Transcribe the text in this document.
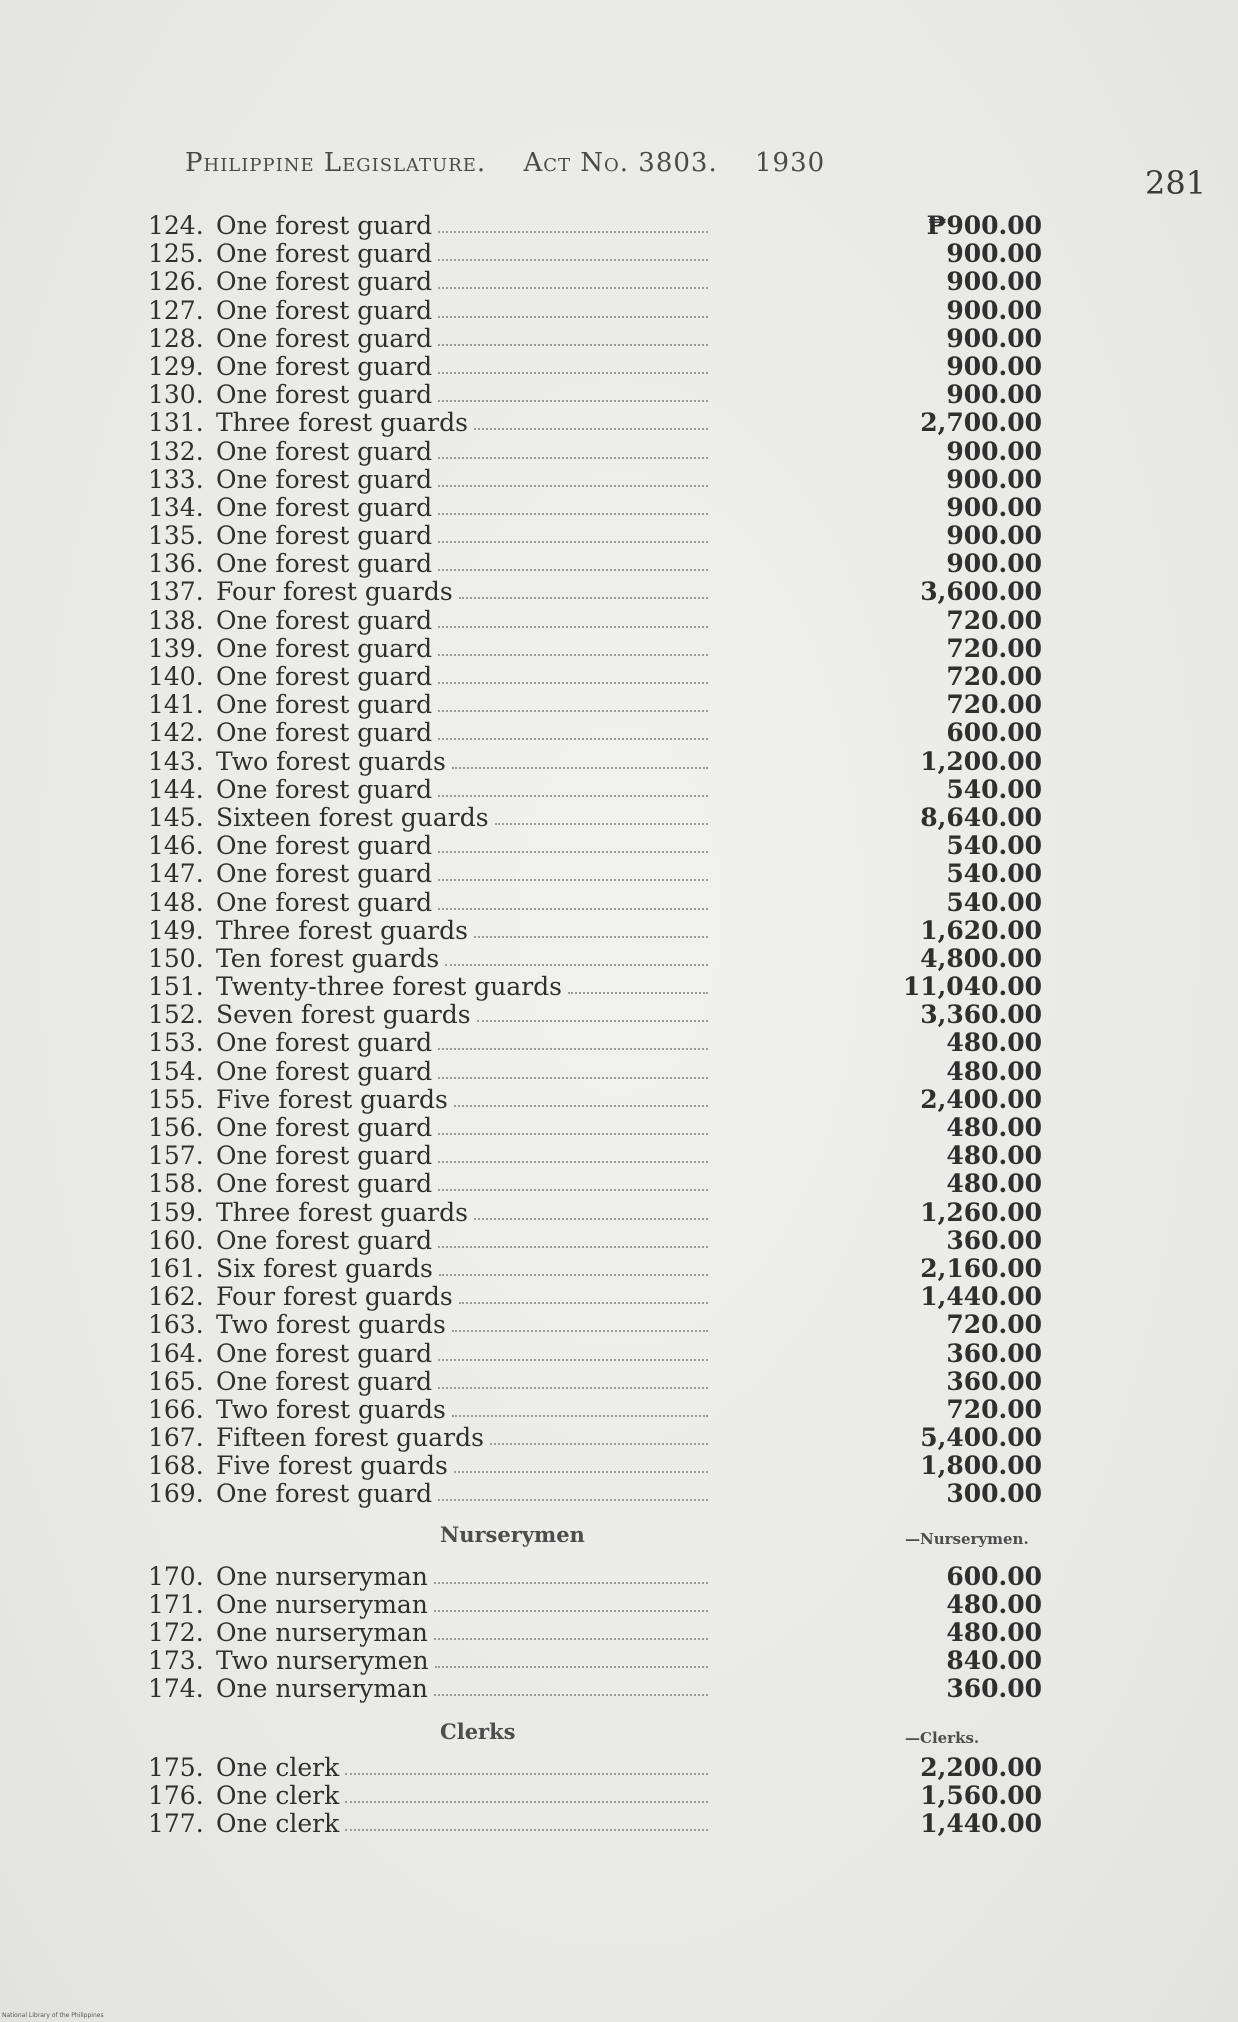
Philippine Legislature. Act No. 3803. 1930
281
124. One forest guard	₱900.00
125. One forest guard	900.00
126. One forest guard	900.00
127. One forest guard	900.00
128. One forest guard	900.00
129. One forest guard	900.00
130. One forest guard	900.00
131. Three forest guards	2,700.00
132. One forest guard	900.00
133. One forest guard	900.00
134. One forest guard	900.00
135. One forest guard	900.00
136. One forest guard	900.00
137. Four forest guards	3,600.00
138. One forest guard	720.00
139. One forest guard	720.00
140. One forest guard	720.00
141. One forest guard	720.00
142. One forest guard	600.00
143. Two forest guards	1,200.00
144. One forest guard	540.00
145. Sixteen forest guards	8,640.00
146. One forest guard	540.00
147. One forest guard	540.00
148. One forest guard	540.00
149. Three forest guards	1,620.00
150. Ten forest guards	4,800.00
151. Twenty-three forest guards	11,040.00
152. Seven forest guards	3,360.00
153. One forest guard	480.00
154. One forest guard	480.00
155. Five forest guards	2,400.00
156. One forest guard	480.00
157. One forest guard	480.00
158. One forest guard	480.00
159. Three forest guards	1,260.00
160. One forest guard	360.00
161. Six forest guards	2,160.00
162. Four forest guards	1,440.00
163. Two forest guards	720.00
164. One forest guard	360.00
165. One forest guard	360.00
166. Two forest guards	720.00
167. Fifteen forest guards	5,400.00
168. Five forest guards	1,800.00
169. One forest guard	300.00
Nurserymen	—Nurserymen.
170. One nurseryman	600.00
171. One nurseryman	480.00
172. One nurseryman	480.00
173. Two nurserymen	840.00
174. One nurseryman	360.00
Clerks	—Clerks.
175. One clerk	2,200.00
176. One clerk	1,560.00
177. One clerk	1,440.00
National Library of the Philippines
